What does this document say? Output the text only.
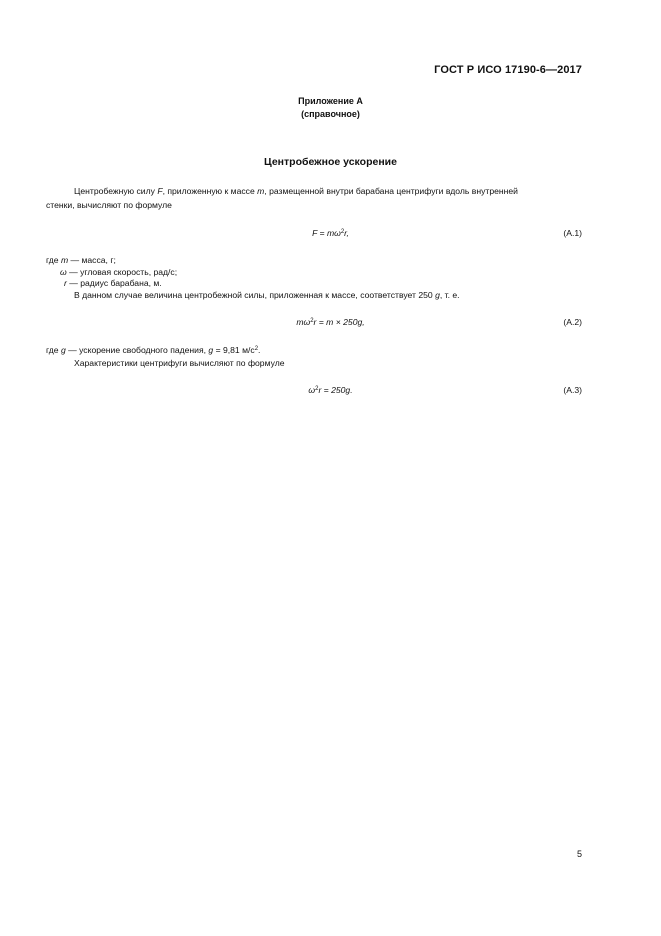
ГОСТ Р ИСО 17190-6—2017
Приложение А
(справочное)
Центробежное ускорение
Центробежную силу F, приложенную к массе m, размещенной внутри барабана центрифуги вдоль внутренней
стенки, вычисляют по формуле
$F = m\omega^2r$,	(А.1)
где m — масса, г;
ω — угловая скорость, рад/с;
r — радиус барабана, м.
В данном случае величина центробежной силы, приложенная к массе, соответствует 250 g, т. е.
$m\omega^2r = m \times 250g$,	(А.2)
где g — ускорение свободного падения, g = 9,81 $м/с^2$.
Характеристики центрифуги вычисляют по формуле
$\omega^2r = 250g$.	(А.3)
5
